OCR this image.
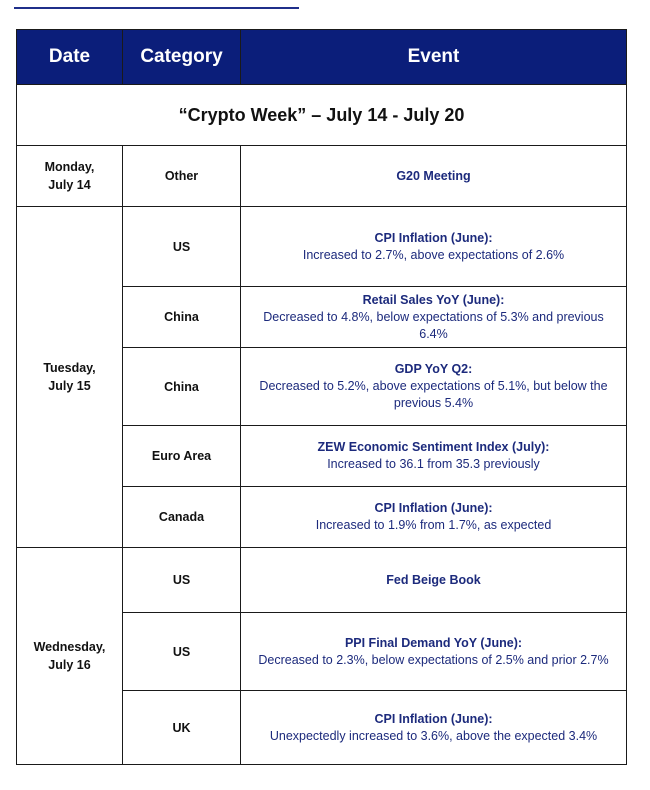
Date	Category	Event
“Crypto Week” – July 14 - July 20		
Monday,
July 14	Other	G20 Meeting

Tuesday,
July 15	US	CPI Inflation (June):
Increased to 2.7%, above expectations of 2.6%

	China	Retail Sales YoY (June):
Decreased to 4.8%, below expectations of 5.3% and previous 6.4%

	China	GDP YoY Q2:
Decreased to 5.2%, above expectations of 5.1%, but below the previous 5.4%

	Euro Area	ZEW Economic Sentiment Index (July):
Increased to 36.1 from 35.3 previously

	Canada	CPI Inflation (June):
Increased to 1.9% from 1.7%, as expected

Wednesday,
July 16	US	Fed Beige Book

	US	PPI Final Demand YoY (June):
Decreased to 2.3%, below expectations of 2.5% and prior 2.7%

	UK	CPI Inflation (June):
Unexpectedly increased to 3.6%, above the expected 3.4%
